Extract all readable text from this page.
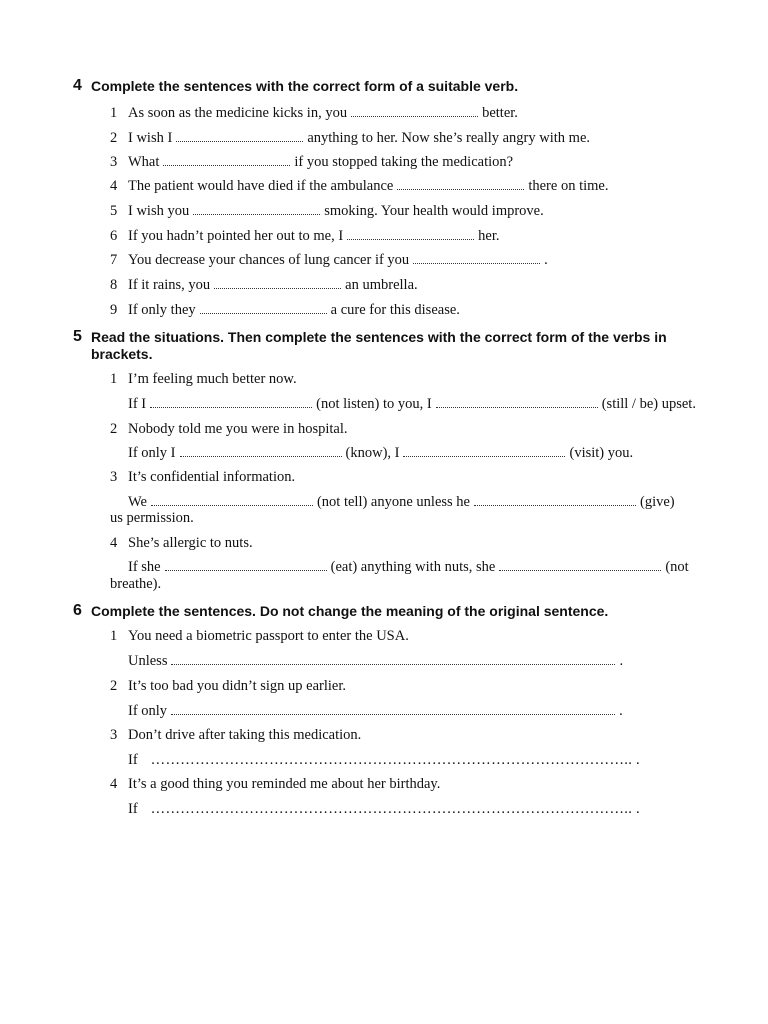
4 Complete the sentences with the correct form of a suitable verb.
1 As soon as the medicine kicks in, you	better.
2 I wish I	anything to her. Now she’s really angry with me.
3 What	if you stopped taking the medication?
4 The patient would have died if the ambulance	there on time.
5 I wish you	smoking. Your health would improve.
6 If you hadn’t pointed her out to me, I	her.
7 You decrease your chances of lung cancer if you	.
8 If it rains, you	an umbrella.
9 If only they	a cure for this disease.
5 Read the situations. Then complete the sentences with the correct form of the verbs in
brackets.
1 I’m feeling much better now.
If I	(not listen) to you, I	(still / be) upset.
2 Nobody told me you were in hospital.
If only I	(know), I	(visit) you.
3 It’s confidential information.
We	(not tell) anyone unless he	(give)
us permission.
4 She’s allergic to nuts.
If she	(eat) anything with nuts, she	(not
breathe).
6 Complete the sentences. Do not change the meaning of the original sentence.
1 You need a biometric passport to enter the USA.
Unless	.
2 It’s too bad you didn’t sign up earlier.
If only	.
3 Don’t drive after taking this medication.
If …………………………………………………………………………………….. .
4 It’s a good thing you reminded me about her birthday.
If …………………………………………………………………………………….. .
